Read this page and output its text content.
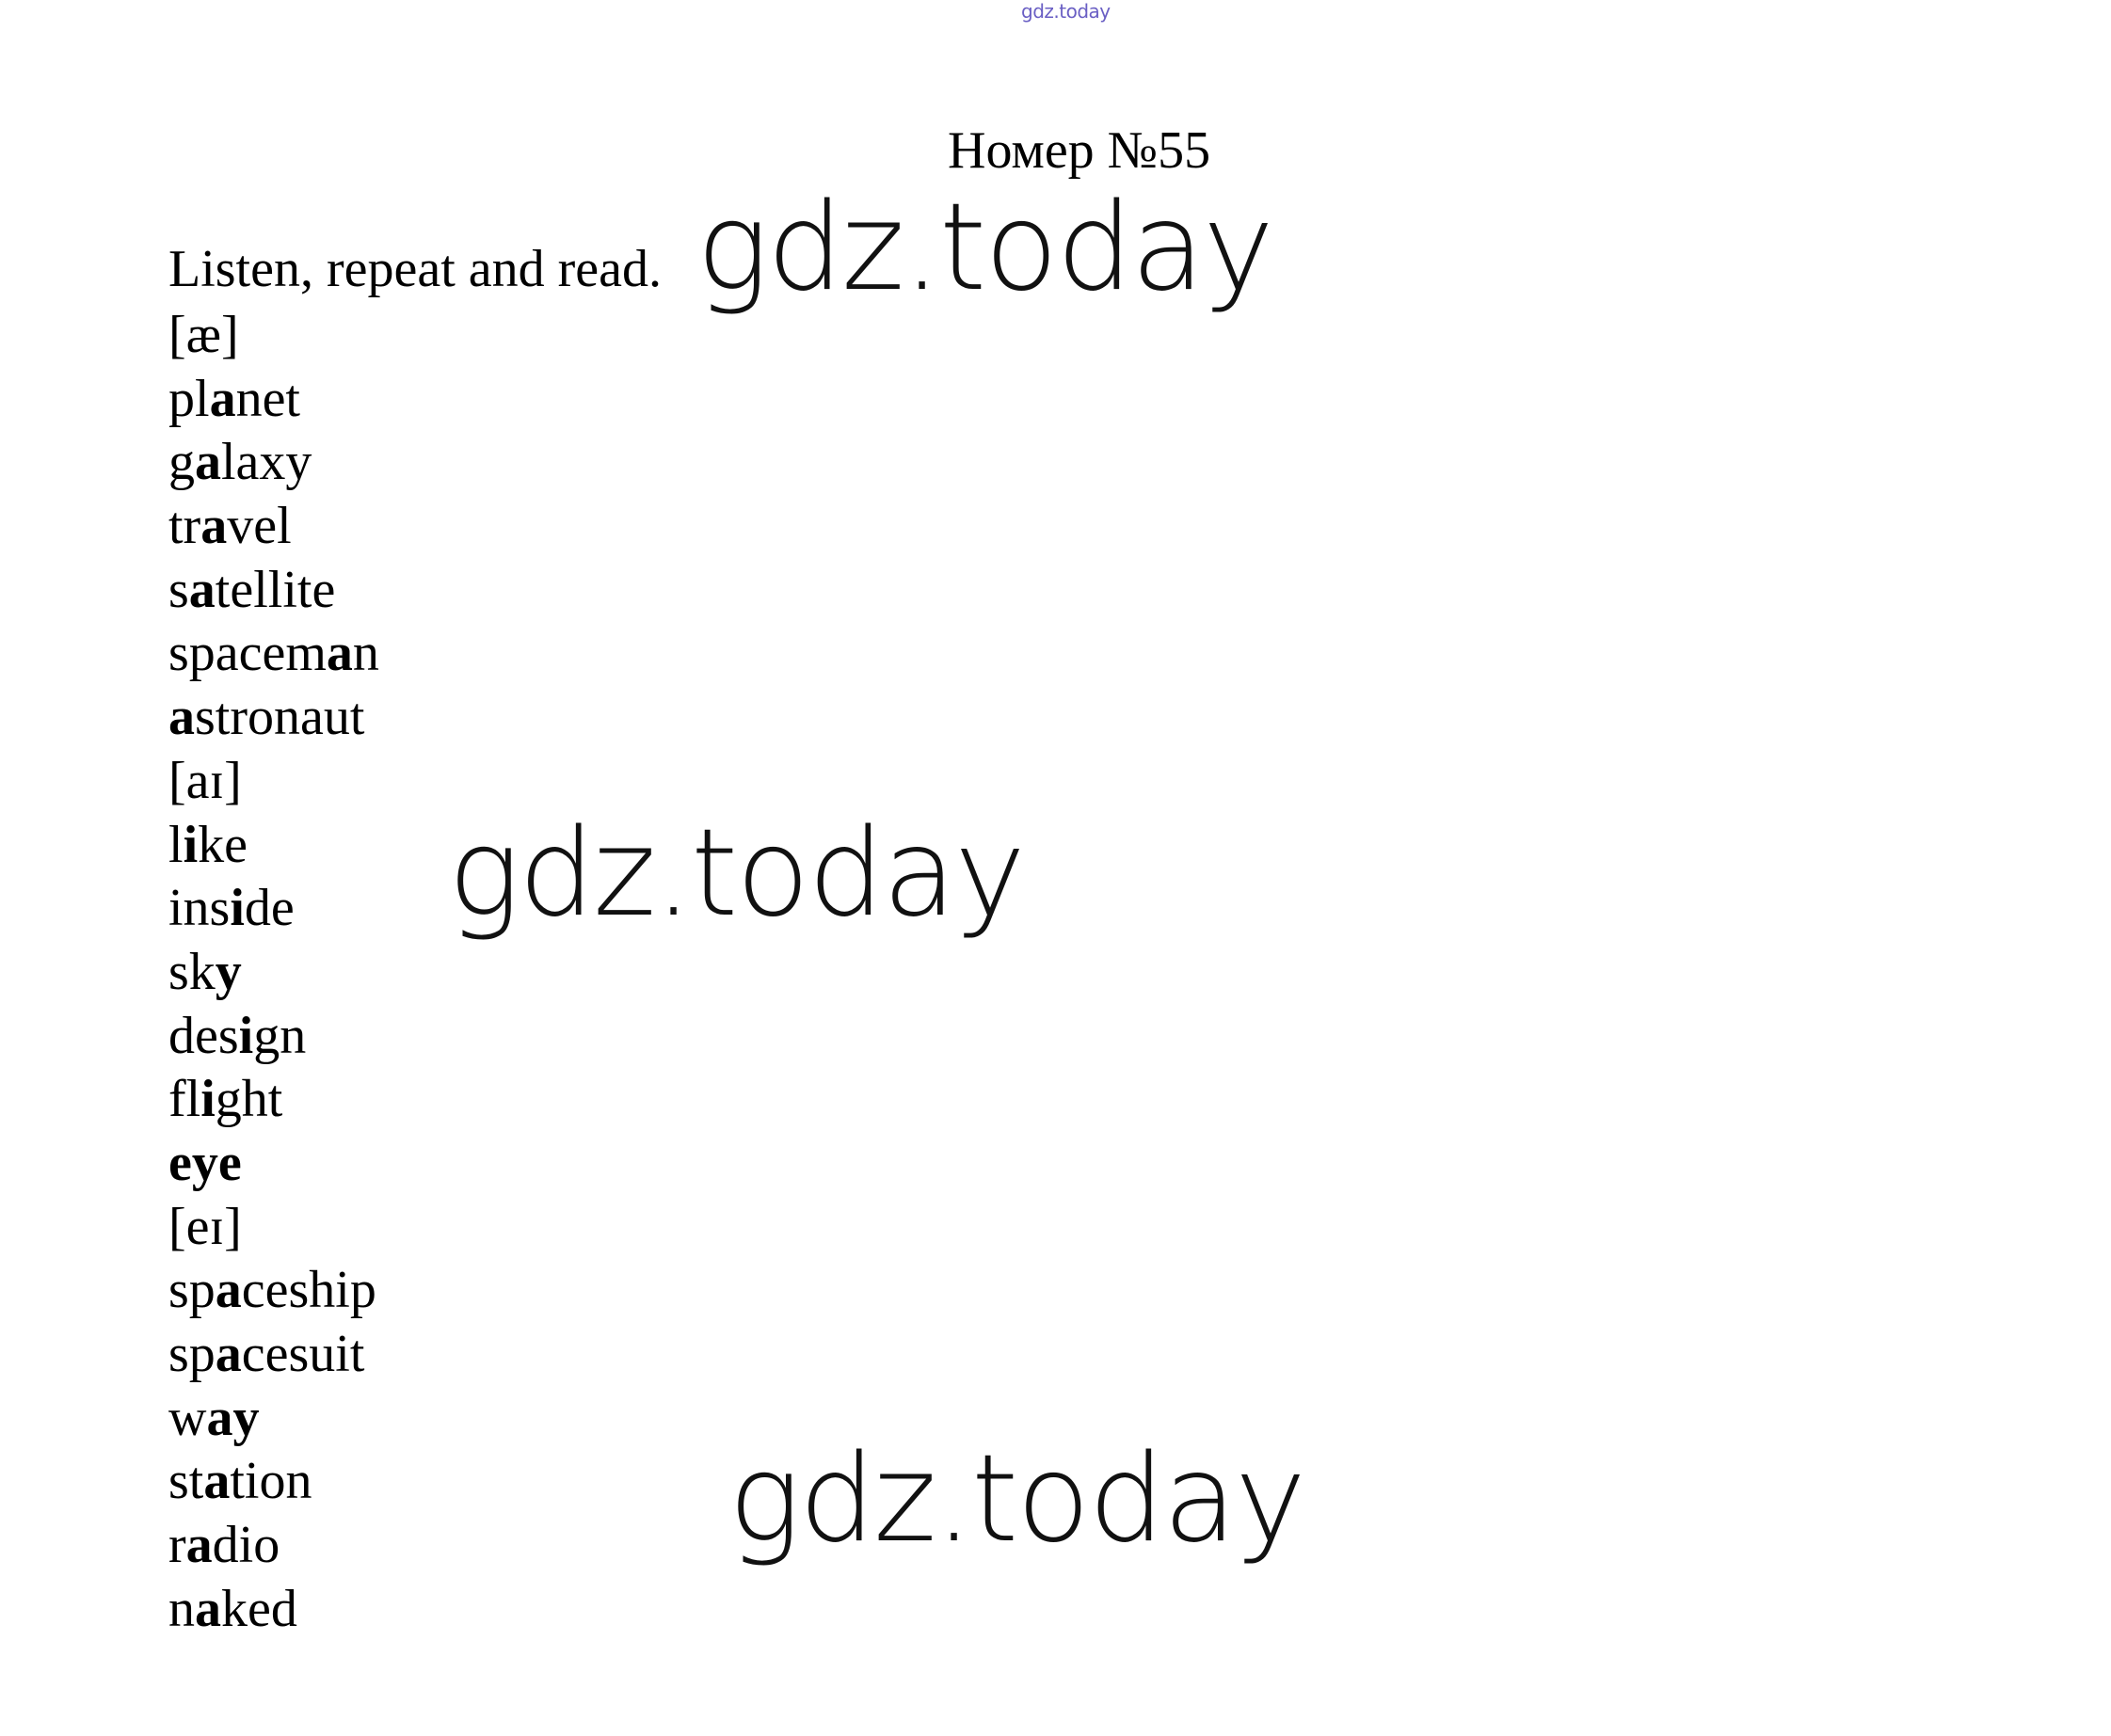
gdz.today
Номер №55
Listen, repeat and read.
[æ]
planet
galaxy
travel
satellite
spaceman
astronaut
[aɪ]
like
inside
sky
design
flight
eye
[eɪ]
spaceship
spacesuit
way
station
radio
naked
gdz.today
gdz.today
gdz.today
